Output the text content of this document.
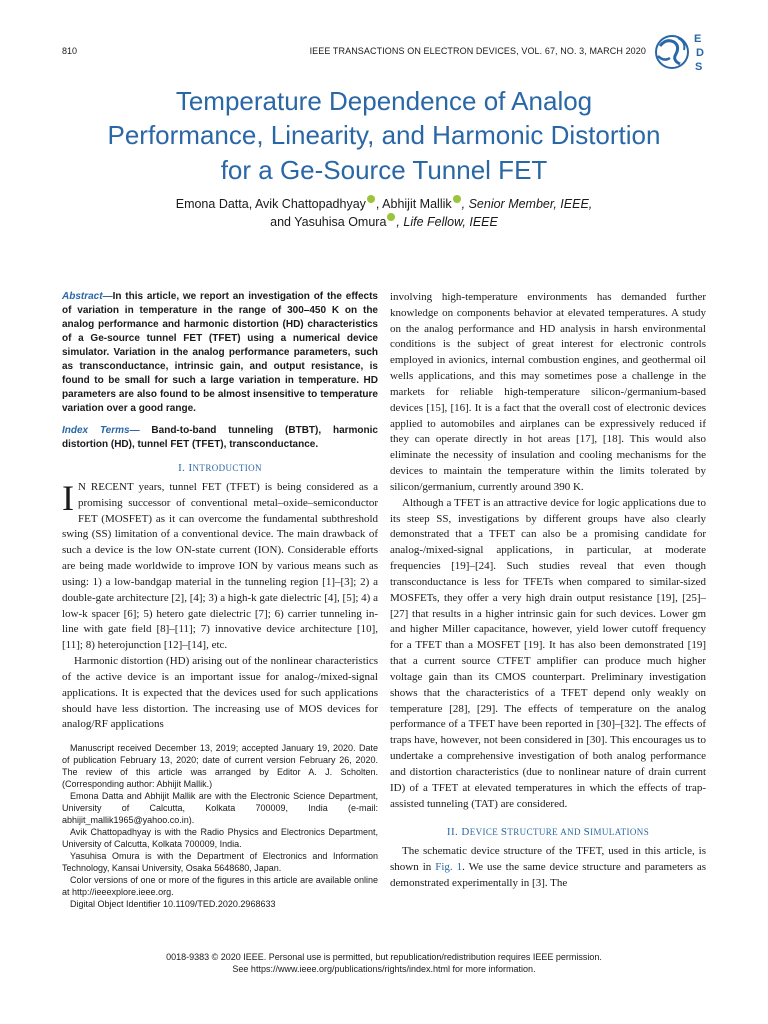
810	IEEE TRANSACTIONS ON ELECTRON DEVICES, VOL. 67, NO. 3, MARCH 2020
E
D
S
Temperature Dependence of Analog
Performance, Linearity, and Harmonic Distortion
for a Ge-Source Tunnel FET
Emona Datta, Avik Chattopadhyay , Abhijit Mallik , Senior Member, IEEE,
and Yasuhisa Omura , Life Fellow, IEEE
Abstract—In this article, we report an investigation of the effects of variation in temperature in the range of 300–450 K on the analog performance and harmonic distortion (HD) characteristics of a Ge-source tunnel FET (TFET) using a numerical device simulator. Variation in the analog performance parameters, such as transconductance, intrinsic gain, and output resistance, is found to be small for such a large variation in temperature. HD parameters are also found to be almost insensitive to temperature variation over a good range.
Index Terms— Band-to-band tunneling (BTBT), harmonic distortion (HD), tunnel FET (TFET), transconductance.
I. INTRODUCTION

I N RECENT years, tunnel FET (TFET) is being considered as a promising successor of conventional metal–oxide–semiconductor FET (MOSFET) as it can overcome the fundamental subthreshold swing (SS) limitation of a conventional device. The main drawback of such a device is the low ON-state current (ION). Considerable efforts are being made worldwide to improve ION by various means such as using: 1) a low-bandgap material in the tunneling region [1]–[3]; 2) a double-gate architecture [2], [4]; 3) a high-k gate dielectric [4], [5]; 4) a low-k spacer [6]; 5) hetero gate dielectric [7]; 6) carrier tunneling in-line with gate field [8]–[11]; 7) innovative device architecture [10], [11]; 8) heterojunction [12]–[14], etc.

Harmonic distortion (HD) arising out of the nonlinear characteristics of the active device is an important issue for analog-/mixed-signal applications. It is expected that the devices used for such applications should have less distortion. The increasing use of MOS devices for analog/RF applications

Manuscript received December 13, 2019; accepted January 19, 2020. Date of publication February 13, 2020; date of current version February 26, 2020. The review of this article was arranged by Editor A. J. Scholten. (Corresponding author: Abhijit Mallik.)

Emona Datta and Abhijit Mallik are with the Electronic Science Department, University of Calcutta, Kolkata 700009, India (e-mail: abhijit_mallik1965@yahoo.co.in).

Avik Chattopadhyay is with the Radio Physics and Electronics Department, University of Calcutta, Kolkata 700009, India.

Yasuhisa Omura is with the Department of Electronics and Information Technology, Kansai University, Osaka 5648680, Japan.

Color versions of one or more of the figures in this article are available online at http://ieeexplore.ieee.org.

Digital Object Identifier 10.1109/TED.2020.2968633

involving high-temperature environments has demanded further knowledge on components behavior at elevated temperatures. A study on the analog performance and HD analysis in harsh environmental conditions is the subject of great interest for electronic controls employed in avionics, internal combustion engines, and geothermal oil wells applications, and this may sometimes pose a challenge in the markets for reliable high-temperature silicon-/germanium-based devices [15], [16]. It is a fact that the overall cost of electronic devices applied to automobiles and airplanes can be expressively reduced if they can operate directly in hot areas [17], [18]. This would also eliminate the necessity of insulation and cooling mechanisms for the devices to maintain the temperature within the limits tolerated by silicon/germanium, currently around 390 K.

Although a TFET is an attractive device for logic applications due to its steep SS, investigations by different groups have also clearly demonstrated that a TFET can also be a promising candidate for analog-/mixed-signal applications, in particular, at moderate frequencies [19]–[24]. Such studies reveal that even though transconductance is less for TFETs when compared to similar-sized MOSFETs, they offer a very high drain output resistance [19], [25]–[27] that results in a higher intrinsic gain for such devices. Lower gm and higher Miller capacitance, however, yield lower cutoff frequency for a TFET than a MOSFET [19]. It has also been demonstrated [19] that a current source CTFET amplifier can produce much higher voltage gain than its CMOS counterpart. Preliminary investigation shows that the characteristics of a TFET depend only weakly on temperature [28], [29]. The effects of temperature on the analog performance of a TFET have been reported in [30]–[32]. The effects of traps have, however, not been considered in [30]. This encourages us to undertake a comprehensive investigation of both analog performance and distortion characteristics (due to nonlinear nature of drain current ID) of a TFET at elevated temperatures in which the effects of trap-assisted tunneling (TAT) are considered.

II. DEVICE STRUCTURE AND SIMULATIONS

The schematic device structure of the TFET, used in this article, is shown in Fig. 1. We use the same device structure and parameters as demonstrated experimentally in [3]. The

0018-9383 © 2020 IEEE. Personal use is permitted, but republication/redistribution requires IEEE permission.
See https://www.ieee.org/publications/rights/index.html for more information.
